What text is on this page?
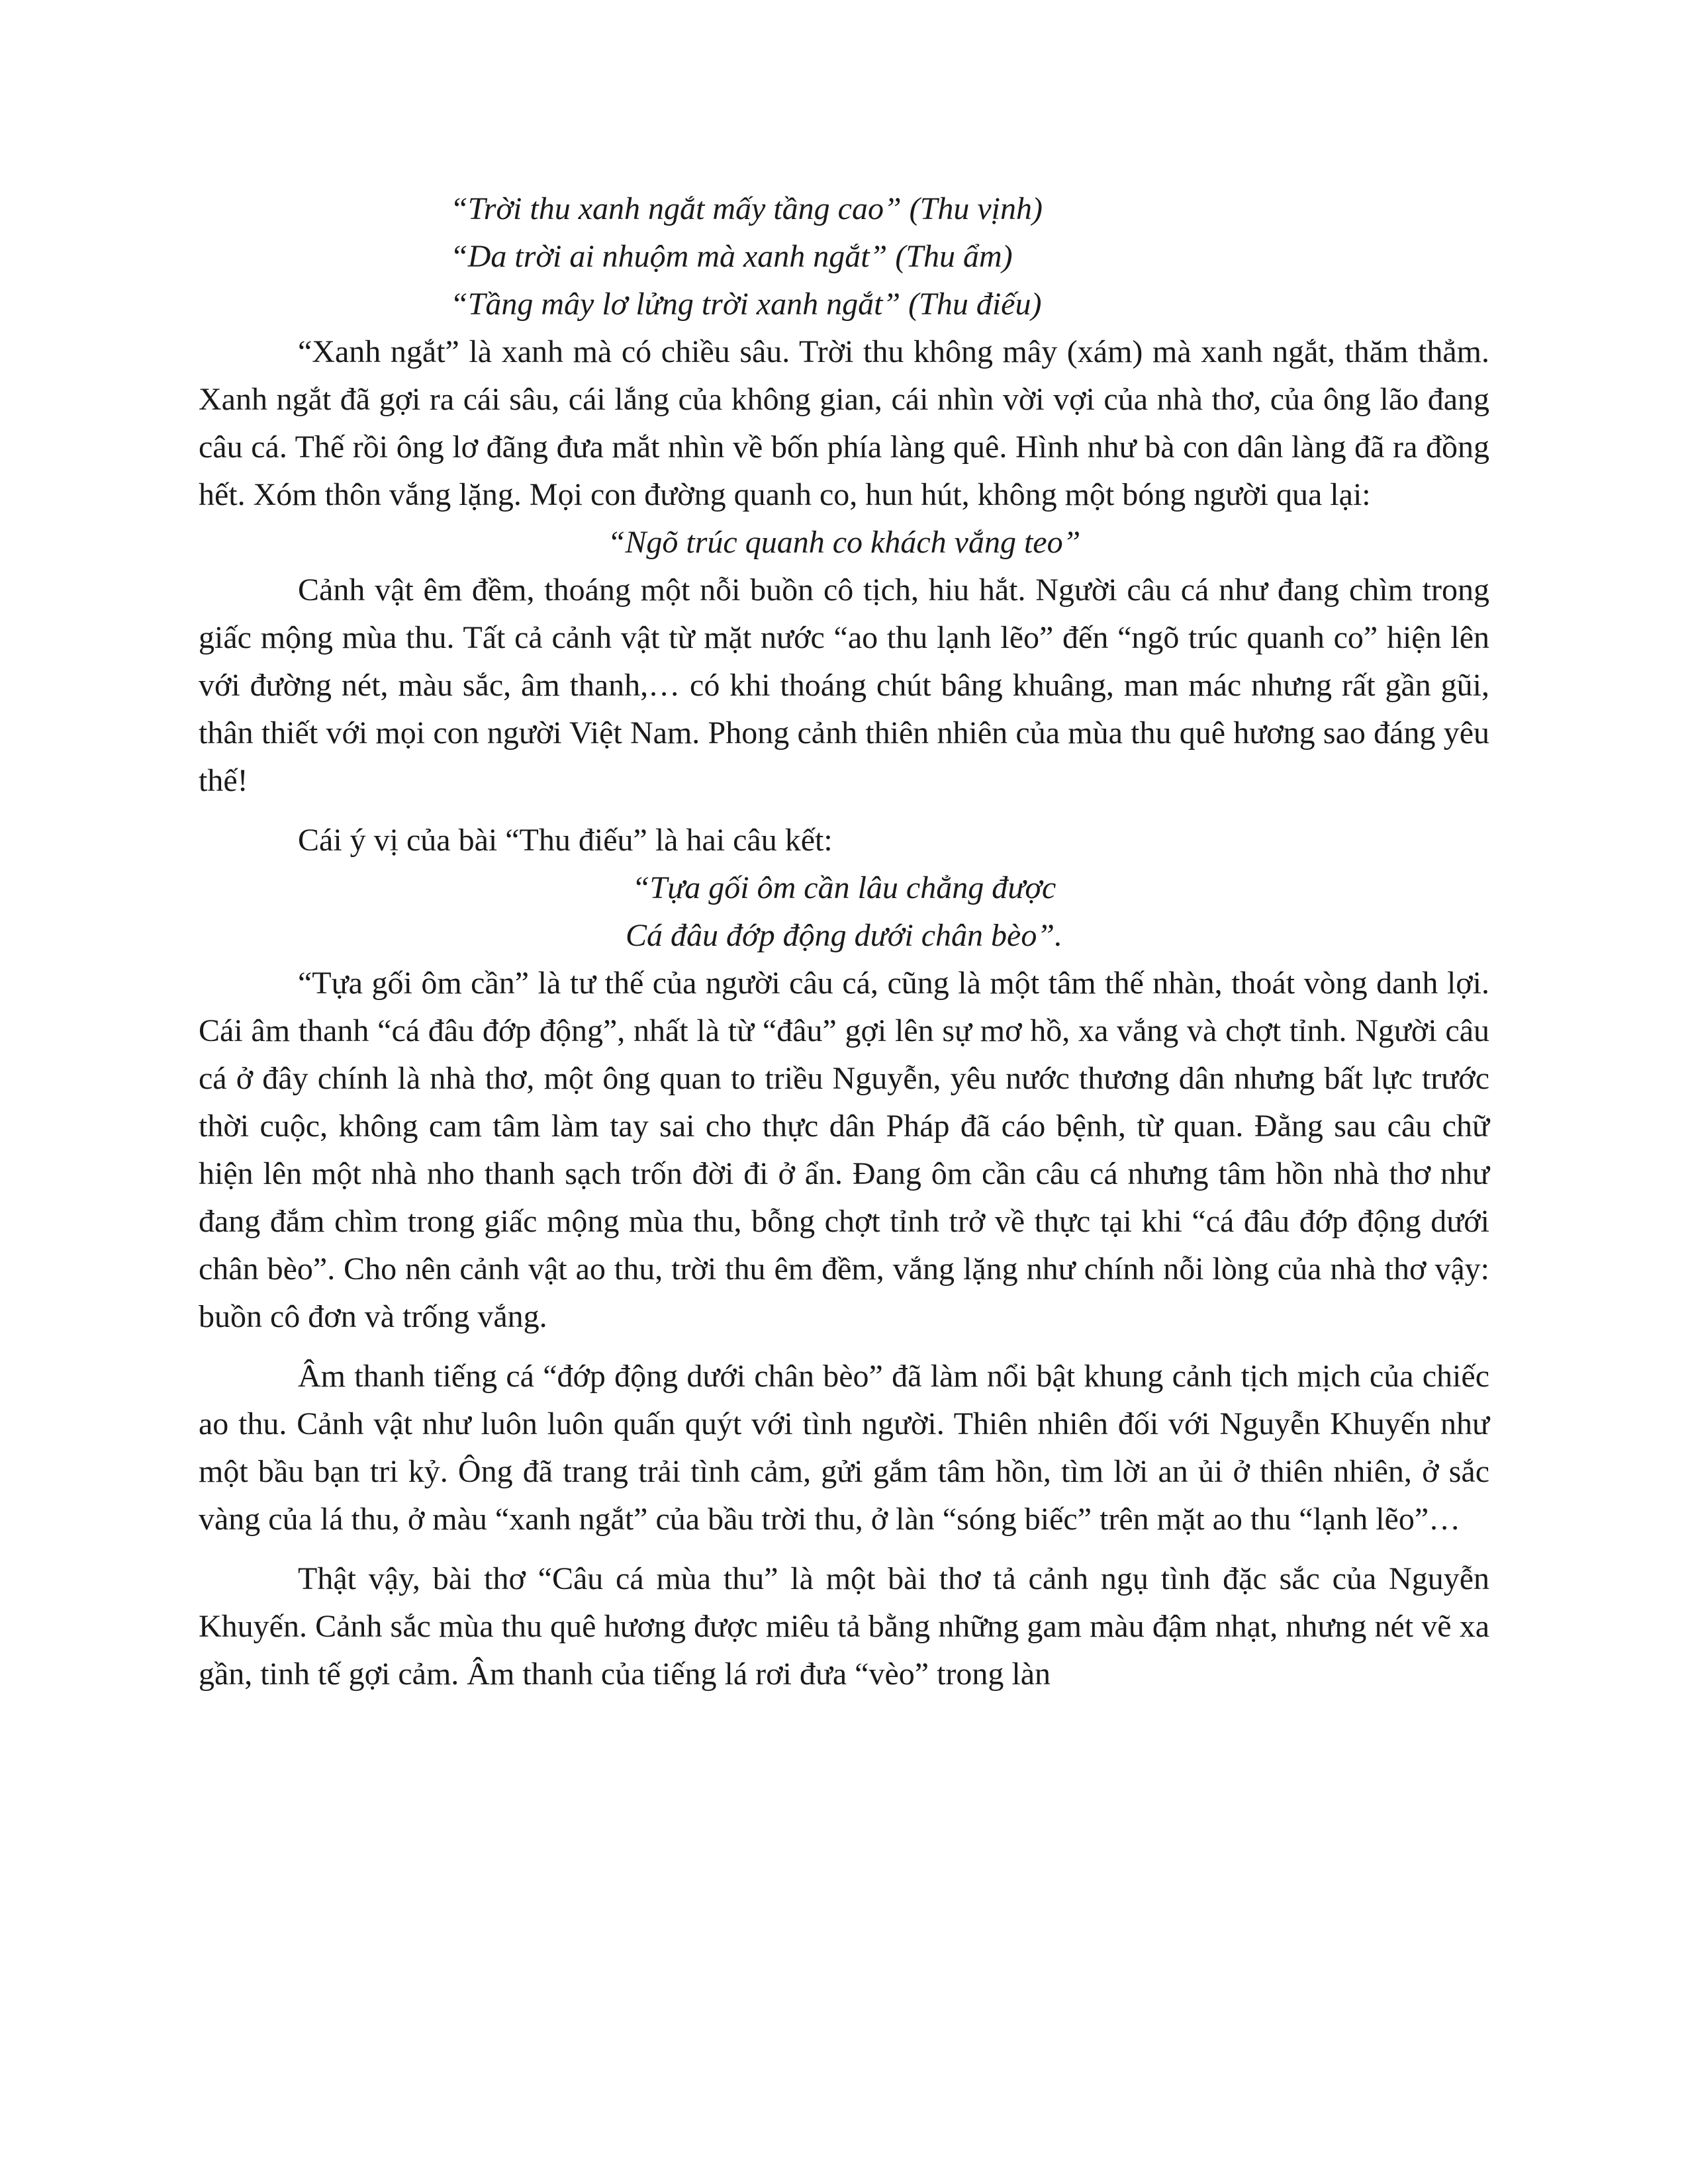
“Trời thu xanh ngắt mấy tầng cao” (Thu vịnh)

“Da trời ai nhuộm mà xanh ngắt” (Thu ẩm)

“Tầng mây lơ lửng trời xanh ngắt” (Thu điếu)

“Xanh ngắt” là xanh mà có chiều sâu. Trời thu không mây (xám) mà xanh ngắt, thăm thẳm. Xanh ngắt đã gợi ra cái sâu, cái lắng của không gian, cái nhìn vời vợi của nhà thơ, của ông lão đang câu cá. Thế rồi ông lơ đãng đưa mắt nhìn về bốn phía làng quê. Hình như bà con dân làng đã ra đồng hết. Xóm thôn vắng lặng. Mọi con đường quanh co, hun hút, không một bóng người qua lại:

“Ngõ trúc quanh co khách vắng teo”

Cảnh vật êm đềm, thoáng một nỗi buồn cô tịch, hiu hắt. Người câu cá như đang chìm trong giấc mộng mùa thu. Tất cả cảnh vật từ mặt nước “ao thu lạnh lẽo” đến “ngõ trúc quanh co” hiện lên với đường nét, màu sắc, âm thanh,… có khi thoáng chút bâng khuâng, man mác nhưng rất gần gũi, thân thiết với mọi con người Việt Nam. Phong cảnh thiên nhiên của mùa thu quê hương sao đáng yêu thế!

Cái ý vị của bài “Thu điếu” là hai câu kết:

“Tựa gối ôm cần lâu chẳng được

Cá đâu đớp động dưới chân bèo”.

“Tựa gối ôm cần” là tư thế của người câu cá, cũng là một tâm thế nhàn, thoát vòng danh lợi. Cái âm thanh “cá đâu đớp động”, nhất là từ “đâu” gợi lên sự mơ hồ, xa vắng và chợt tỉnh. Người câu cá ở đây chính là nhà thơ, một ông quan to triều Nguyễn, yêu nước thương dân nhưng bất lực trước thời cuộc, không cam tâm làm tay sai cho thực dân Pháp đã cáo bệnh, từ quan. Đằng sau câu chữ hiện lên một nhà nho thanh sạch trốn đời đi ở ẩn. Đang ôm cần câu cá nhưng tâm hồn nhà thơ như đang đắm chìm trong giấc mộng mùa thu, bỗng chợt tỉnh trở về thực tại khi “cá đâu đớp động dưới chân bèo”. Cho nên cảnh vật ao thu, trời thu êm đềm, vắng lặng như chính nỗi lòng của nhà thơ vậy: buồn cô đơn và trống vắng.

Âm thanh tiếng cá “đớp động dưới chân bèo” đã làm nổi bật khung cảnh tịch mịch của chiếc ao thu. Cảnh vật như luôn luôn quấn quýt với tình người. Thiên nhiên đối với Nguyễn Khuyến như một bầu bạn tri kỷ. Ông đã trang trải tình cảm, gửi gắm tâm hồn, tìm lời an ủi ở thiên nhiên, ở sắc vàng của lá thu, ở màu “xanh ngắt” của bầu trời thu, ở làn “sóng biếc” trên mặt ao thu “lạnh lẽo”…

Thật vậy, bài thơ “Câu cá mùa thu” là một bài thơ tả cảnh ngụ tình đặc sắc của Nguyễn Khuyến. Cảnh sắc mùa thu quê hương được miêu tả bằng những gam màu đậm nhạt, nhưng nét vẽ xa gần, tinh tế gợi cảm. Âm thanh của tiếng lá rơi đưa “vèo” trong làn
